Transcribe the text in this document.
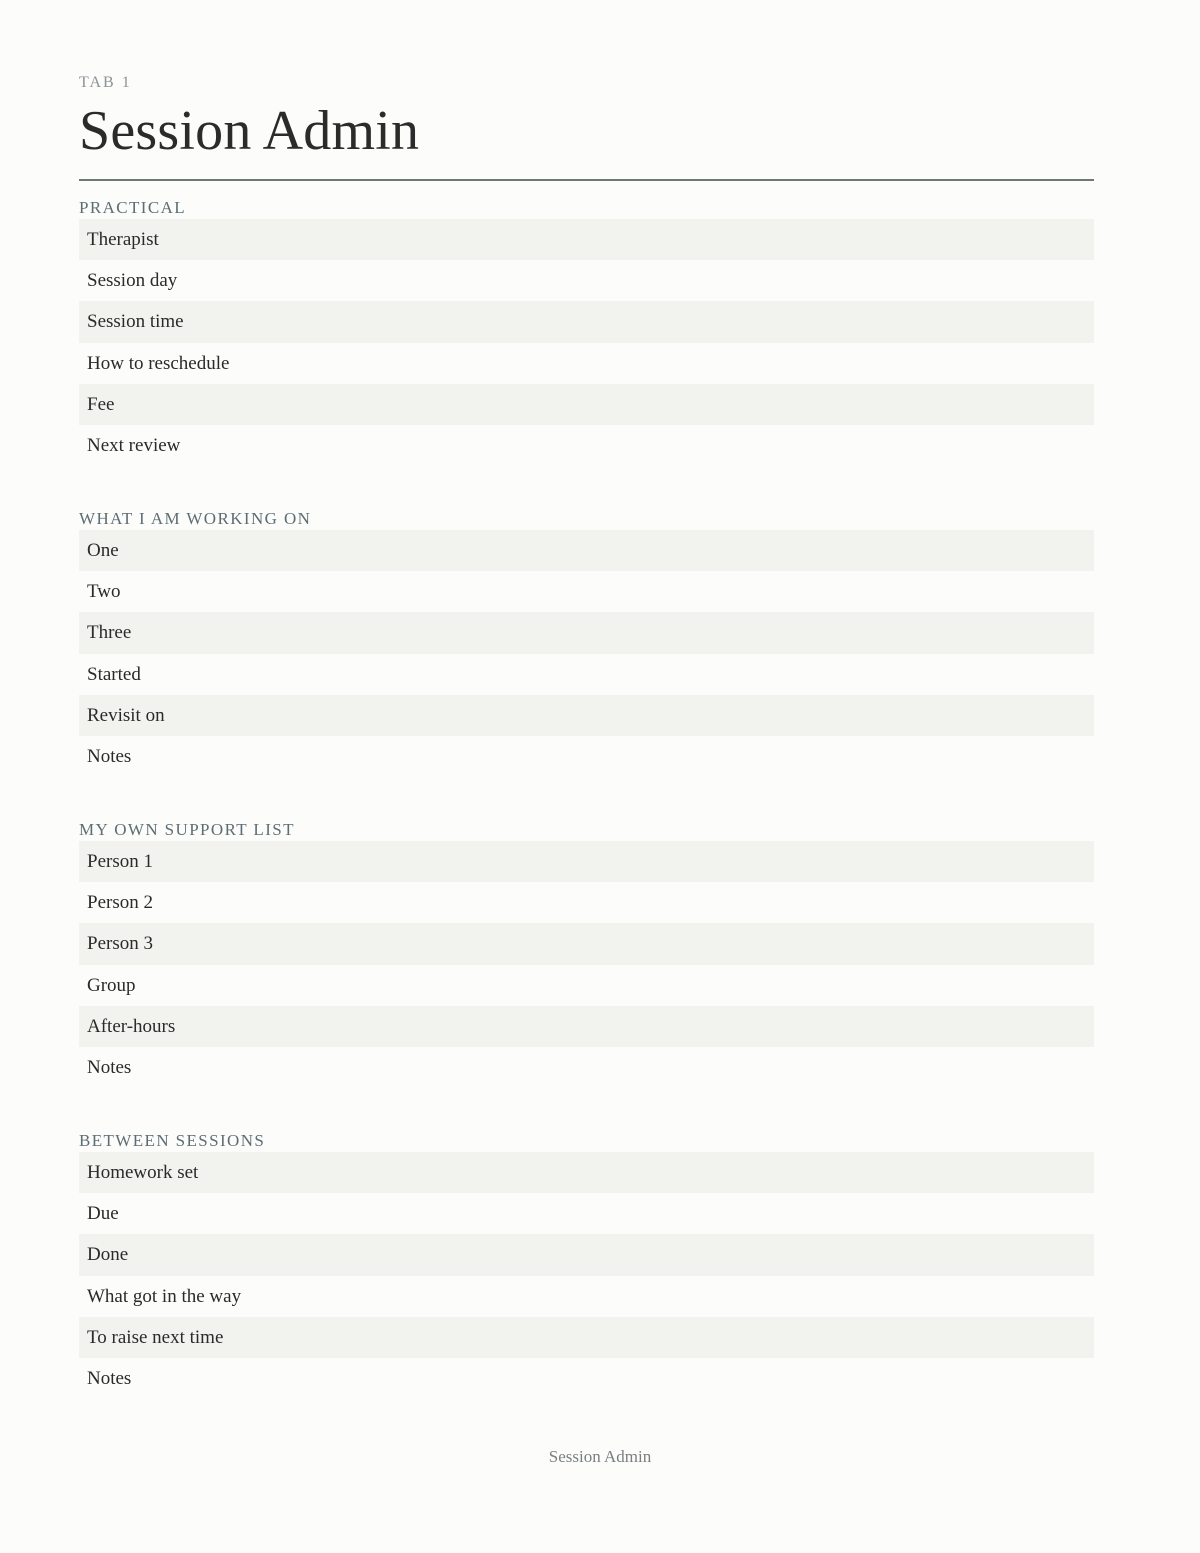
TAB 1
Session Admin
PRACTICAL
Therapist
Session day
Session time
How to reschedule
Fee
Next review
WHAT I AM WORKING ON
One
Two
Three
Started
Revisit on
Notes
MY OWN SUPPORT LIST
Person 1
Person 2
Person 3
Group
After-hours
Notes
BETWEEN SESSIONS
Homework set
Due
Done
What got in the way
To raise next time
Notes
Session Admin
